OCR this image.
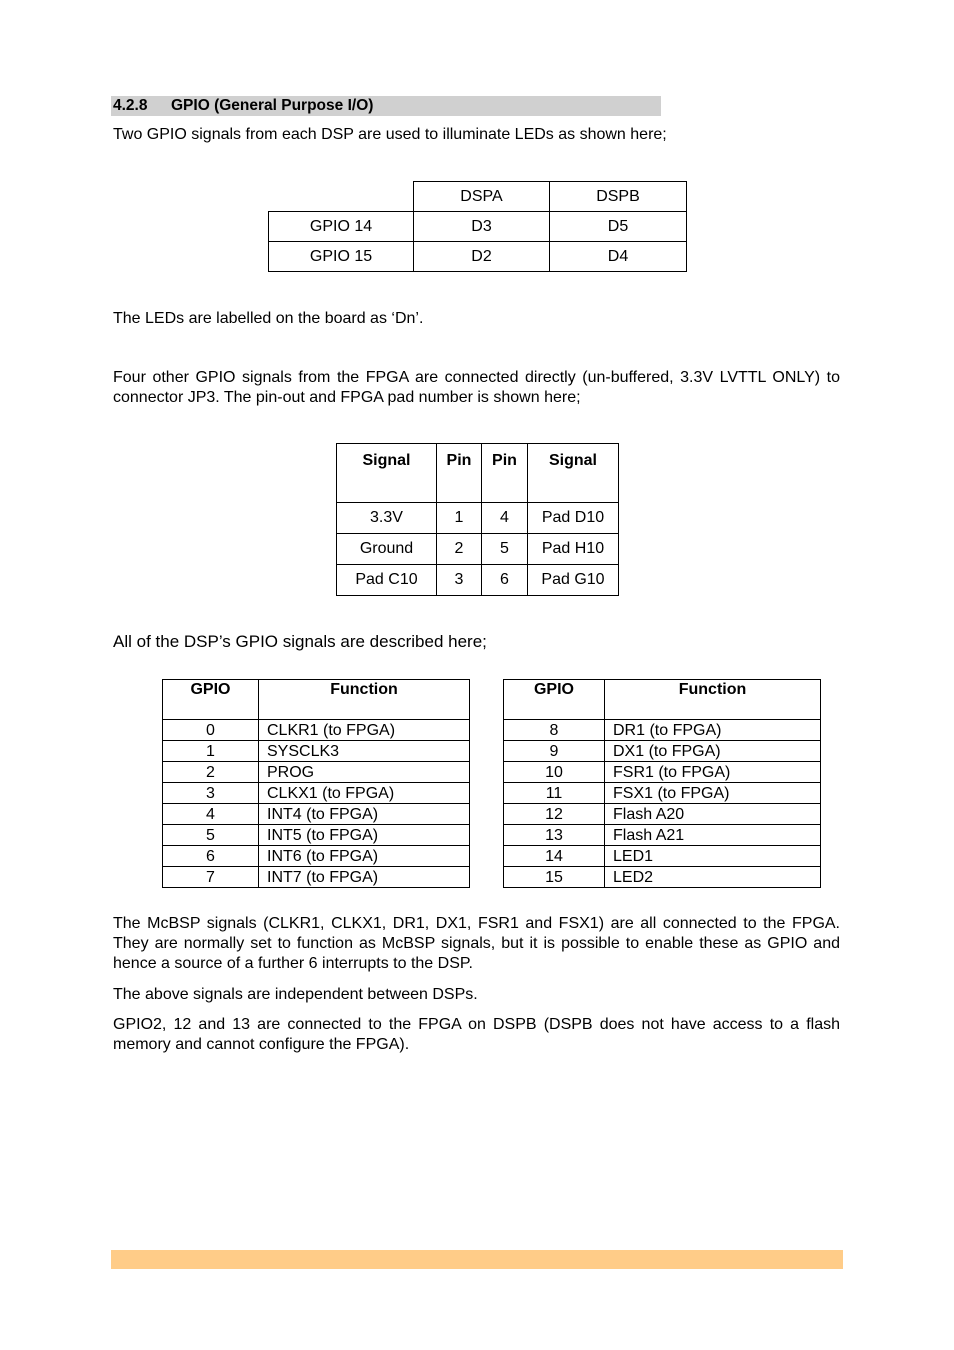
4.2.8 GPIO (General Purpose I/O)

Two GPIO signals from each DSP are used to illuminate LEDs as shown here;

	DSPA	DSPB
GPIO 14	D3	D5
GPIO 15	D2	D4

The LEDs are labelled on the board as ‘Dn’.

Four other GPIO signals from the FPGA are connected directly (un-buffered, 3.3V LVTTL ONLY) to connector JP3. The pin-out and FPGA pad number is shown here;

Signal	Pin	Pin	Signal
3.3V	1	4	Pad D10
Ground	2	5	Pad H10
Pad C10	3	6	Pad G10

All of the DSP’s GPIO signals are described here;

GPIO	Function
0	CLKR1 (to FPGA)
1	SYSCLK3
2	PROG
3	CLKX1 (to FPGA)
4	INT4 (to FPGA)
5	INT5 (to FPGA)
6	INT6 (to FPGA)
7	INT7 (to FPGA)
GPIO	Function
8	DR1 (to FPGA)
9	DX1 (to FPGA)
10	FSR1 (to FPGA)
11	FSX1 (to FPGA)
12	Flash A20
13	Flash A21
14	LED1
15	LED2

The McBSP signals (CLKR1, CLKX1, DR1, DX1, FSR1 and FSX1) are all connected to the FPGA. They are normally set to function as McBSP signals, but it is possible to enable these as GPIO and hence a source of a further 6 interrupts to the DSP.

The above signals are independent between DSPs.

GPIO2, 12 and 13 are connected to the FPGA on DSPB (DSPB does not have access to a flash memory and cannot configure the FPGA).
